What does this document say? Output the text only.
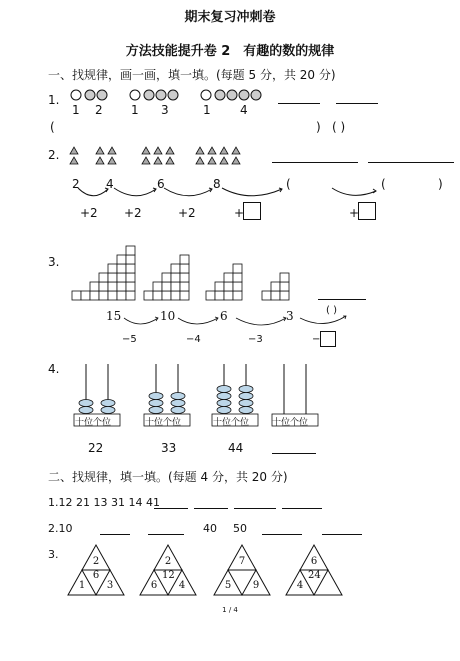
期末复习冲刺卷
方法技能提升卷 2　有趣的数的规律
一、找规律，画一画，填一填。(每题 5 分，共 20 分)
1.
1 2 1 3	1 4
(	) ( )
2.
2 4	6	8	(	(	)
+2 +2	+2	+	+
3.
15	10	6	3	( )
−5	−4	−3	−
4.
十位个位	十位个位	十位个位	十位个位
22	33	44
二、找规律，填一填。(每题 4 分，共 20 分)
1.12 21 13 31 14 41
2.10	40 50
3.
2
6
1 3
2
12
6 4
7
5 9
6
24
4
1 / 4
